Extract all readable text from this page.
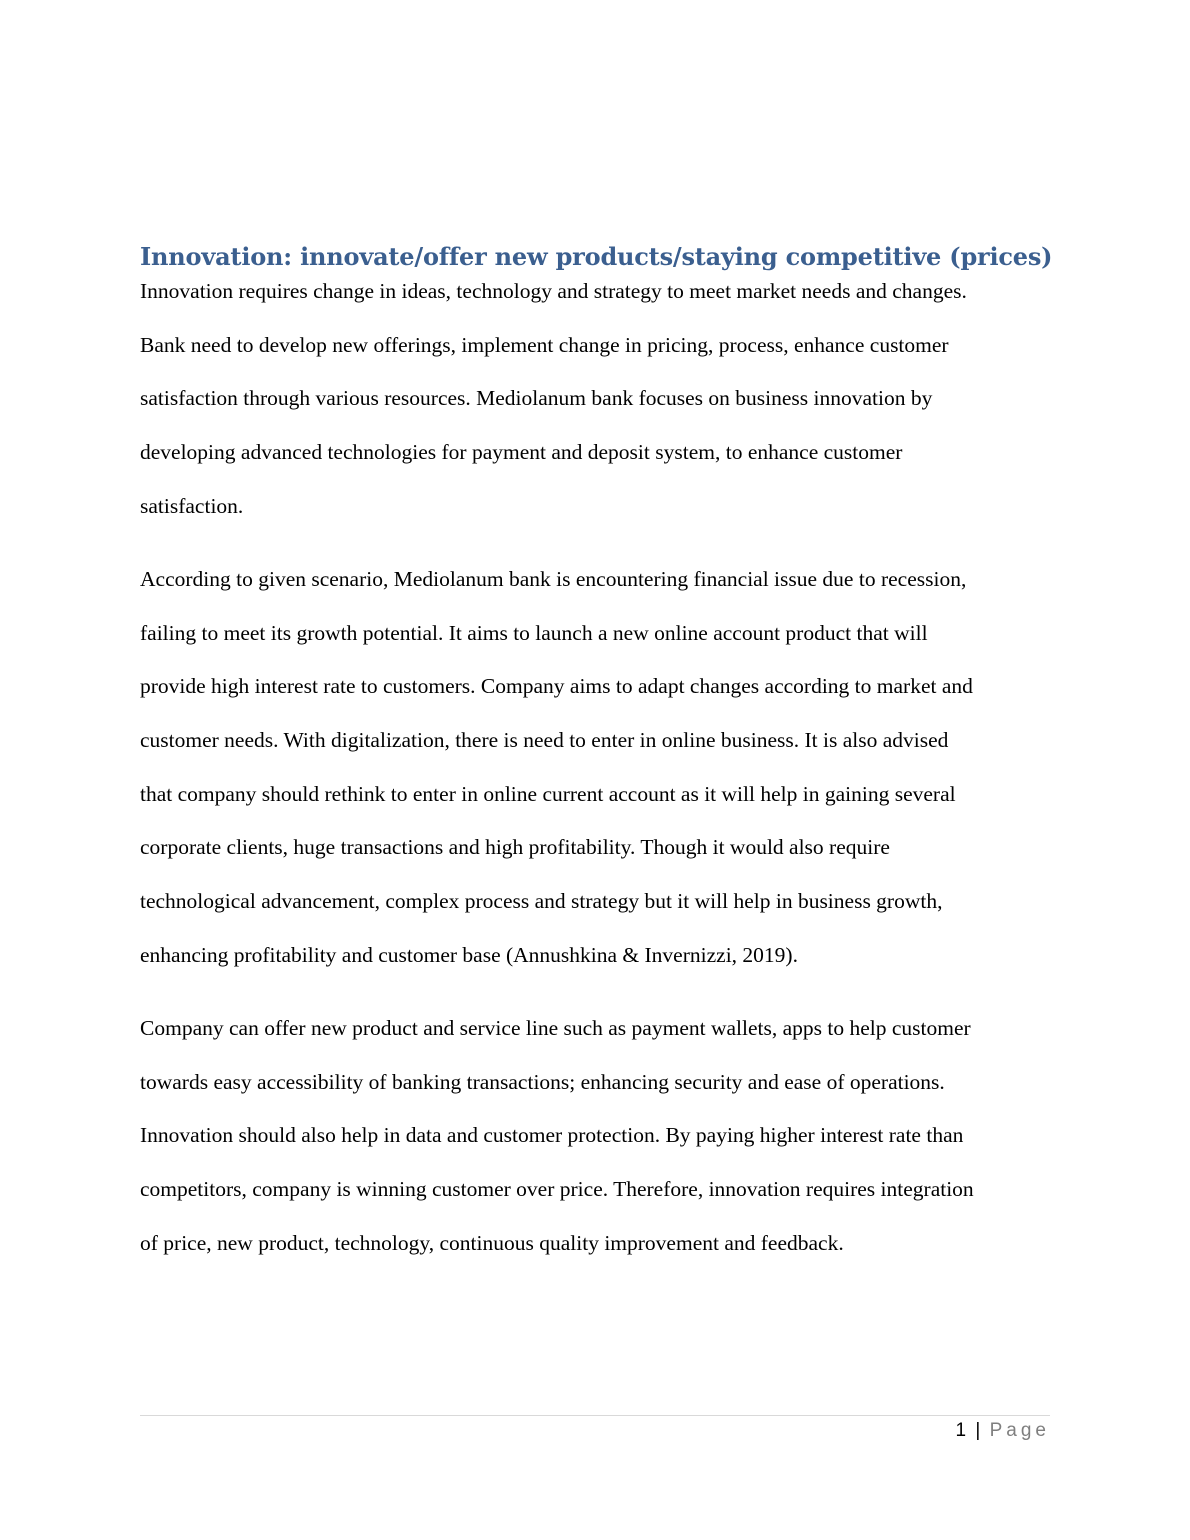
Innovation: innovate/offer new products/staying competitive (prices)

Innovation requires change in ideas, technology and strategy to meet market needs and changes.
Bank need to develop new offerings, implement change in pricing, process, enhance customer
satisfaction through various resources. Mediolanum bank focuses on business innovation by
developing advanced technologies for payment and deposit system, to enhance customer
satisfaction.

According to given scenario, Mediolanum bank is encountering financial issue due to recession,
failing to meet its growth potential. It aims to launch a new online account product that will
provide high interest rate to customers. Company aims to adapt changes according to market and
customer needs. With digitalization, there is need to enter in online business. It is also advised
that company should rethink to enter in online current account as it will help in gaining several
corporate clients, huge transactions and high profitability. Though it would also require
technological advancement, complex process and strategy but it will help in business growth,
enhancing profitability and customer base (Annushkina & Invernizzi, 2019).

Company can offer new product and service line such as payment wallets, apps to help customer
towards easy accessibility of banking transactions; enhancing security and ease of operations.
Innovation should also help in data and customer protection. By paying higher interest rate than
competitors, company is winning customer over price. Therefore, innovation requires integration
of price, new product, technology, continuous quality improvement and feedback.

1 | Page
